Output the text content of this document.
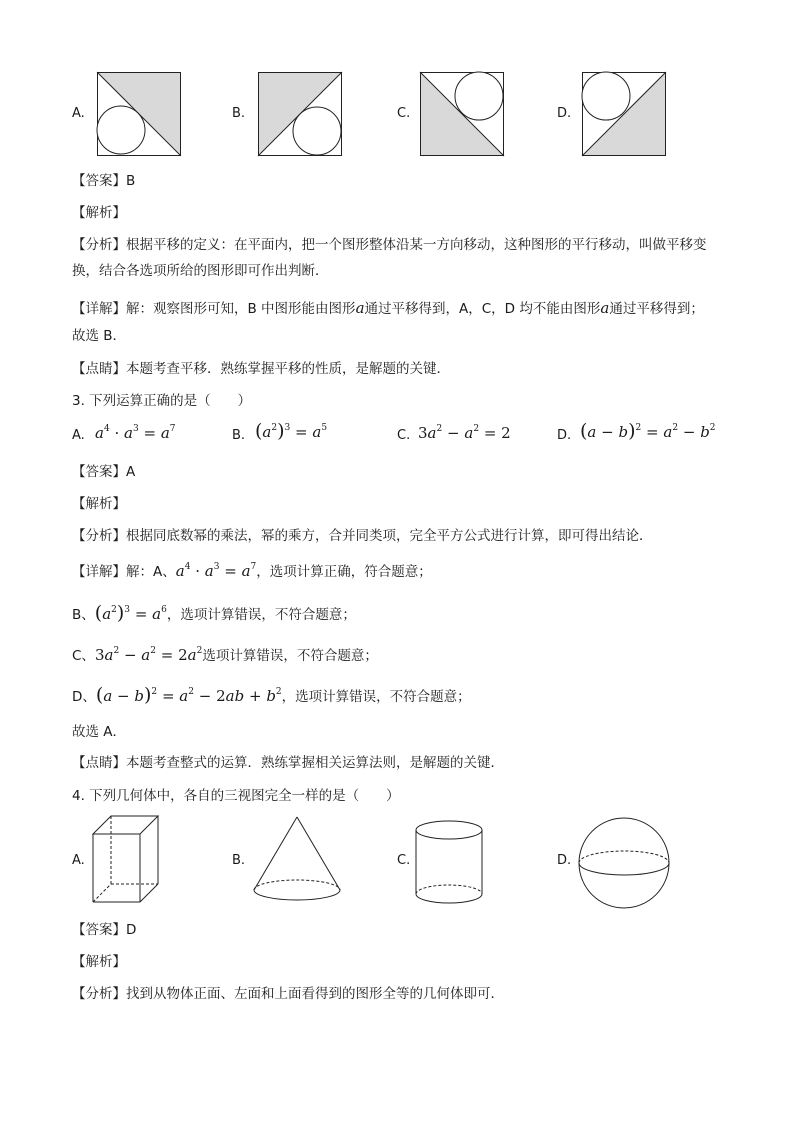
A.	B.	C.	D.
【答案】B
【解析】
【分析】根据平移的定义：在平面内，把一个图形整体沿某一方向移动，这种图形的平行移动，叫做平移变换，结合各选项所给的图形即可作出判断．
【详解】解：观察图形可知，B 中图形能由图形a通过平移得到，A，C，D 均不能由图形a通过平移得到；
故选 B．
【点睛】本题考查平移．熟练掌握平移的性质，是解题的关键．
3. 下列运算正确的是（　　）
A. $a^4 \cdot a^3 = a^7$	B. $(a^2)^3 = a^5$	C. $3a^2 - a^2 = 2$	D. $(a - b)^2 = a^2 - b^2$
【答案】A
【解析】
【分析】根据同底数幂的乘法，幂的乘方，合并同类项，完全平方公式进行计算，即可得出结论．
【详解】解：A、$a^4 \cdot a^3 = a^7$，选项计算正确，符合题意；
B、$(a^2)^3 = a^6$，选项计算错误，不符合题意；
C、$3a^2 - a^2 = 2a^2$选项计算错误，不符合题意；
D、$(a - b)^2 = a^2 - 2ab + b^2$，选项计算错误，不符合题意；
故选 A．
【点睛】本题考查整式的运算．熟练掌握相关运算法则，是解题的关键．
4. 下列几何体中，各自的三视图完全一样的是（　　）
A.	B.	C.	D.
【答案】D
【解析】
【分析】找到从物体正面、左面和上面看得到的图形全等的几何体即可．
